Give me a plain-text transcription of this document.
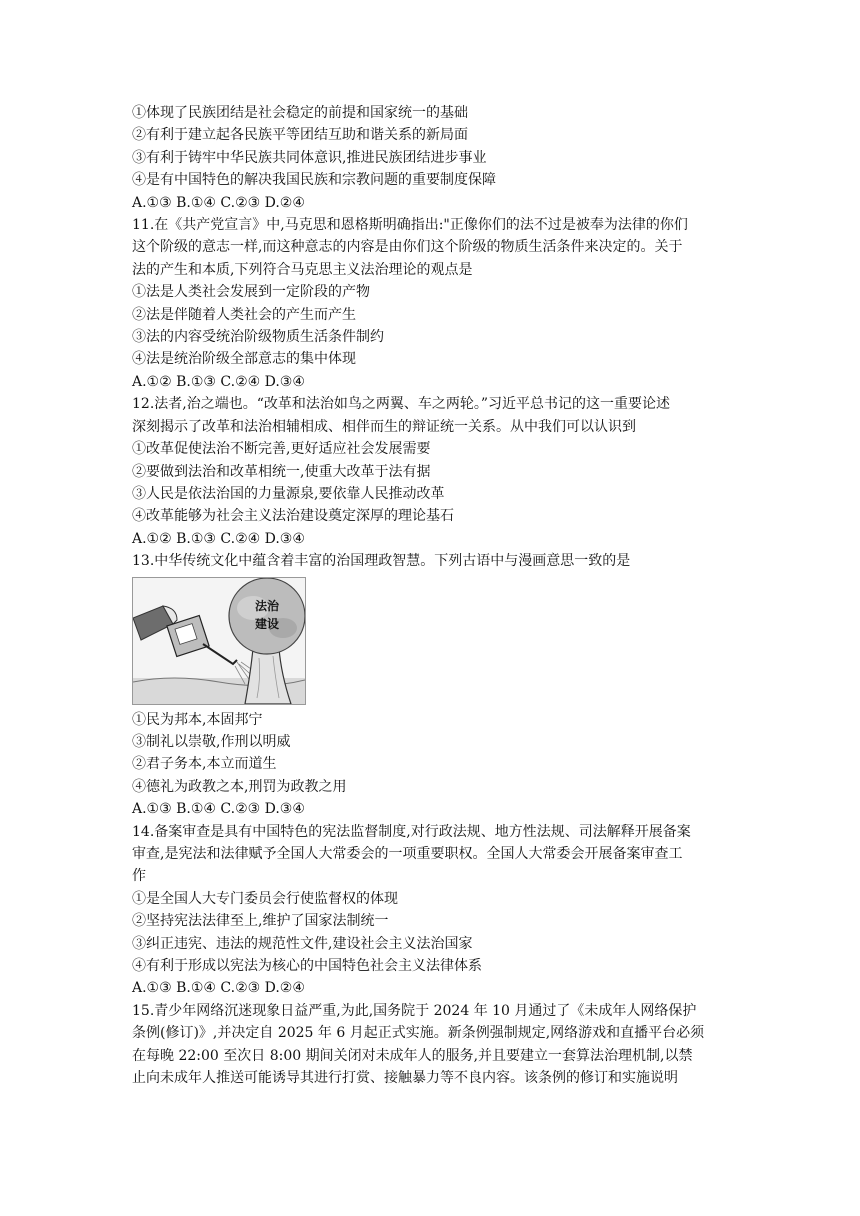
①体现了民族团结是社会稳定的前提和国家统一的基础
②有利于建立起各民族平等团结互助和谐关系的新局面
③有利于铸牢中华民族共同体意识,推进民族团结进步事业
④是有中国特色的解决我国民族和宗教问题的重要制度保障
A.①③ B.①④ C.②③ D.②④
11.在《共产党宣言》中,马克思和恩格斯明确指出:"正像你们的法不过是被奉为法律的你们
这个阶级的意志一样,而这种意志的内容是由你们这个阶级的物质生活条件来决定的。关于
法的产生和本质,下列符合马克思主义法治理论的观点是
①法是人类社会发展到一定阶段的产物
②法是伴随着人类社会的产生而产生
③法的内容受统治阶级物质生活条件制约
④法是统治阶级全部意志的集中体现
A.①② B.①③ C.②④ D.③④
12.法者,治之端也。“改革和法治如鸟之两翼、车之两轮。”习近平总书记的这一重要论述
深刻揭示了改革和法治相辅相成、相伴而生的辩证统一关系。从中我们可以认识到
①改革促使法治不断完善,更好适应社会发展需要
②要做到法治和改革相统一,使重大改革于法有据
③人民是依法治国的力量源泉,要依靠人民推动改革
④改革能够为社会主义法治建设奠定深厚的理论基石
A.①② B.①③ C.②④ D.③④
13.中华传统文化中蕴含着丰富的治国理政智慧。下列古语中与漫画意思一致的是
法治
建设
①民为邦本,本固邦宁
③制礼以崇敬,作刑以明威
②君子务本,本立而道生
④德礼为政教之本,刑罚为政教之用
A.①③ B.①④ C.②③ D.③④
14.备案审查是具有中国特色的宪法监督制度,对行政法规、地方性法规、司法解释开展备案
审查,是宪法和法律赋予全国人大常委会的一项重要职权。全国人大常委会开展备案审查工
作
①是全国人大专门委员会行使监督权的体现
②坚持宪法法律至上,维护了国家法制统一
③纠正违宪、违法的规范性文件,建设社会主义法治国家
④有利于形成以宪法为核心的中国特色社会主义法律体系
A.①③ B.①④ C.②③ D.②④
15.青少年网络沉迷现象日益严重,为此,国务院于 2024 年 10 月通过了《未成年人网络保护
条例(修订)》,并决定自 2025 年 6 月起正式实施。新条例强制规定,网络游戏和直播平台必须
在每晚 22:00 至次日 8:00 期间关闭对未成年人的服务,并且要建立一套算法治理机制,以禁
止向未成年人推送可能诱导其进行打赏、接触暴力等不良内容。该条例的修订和实施说明
